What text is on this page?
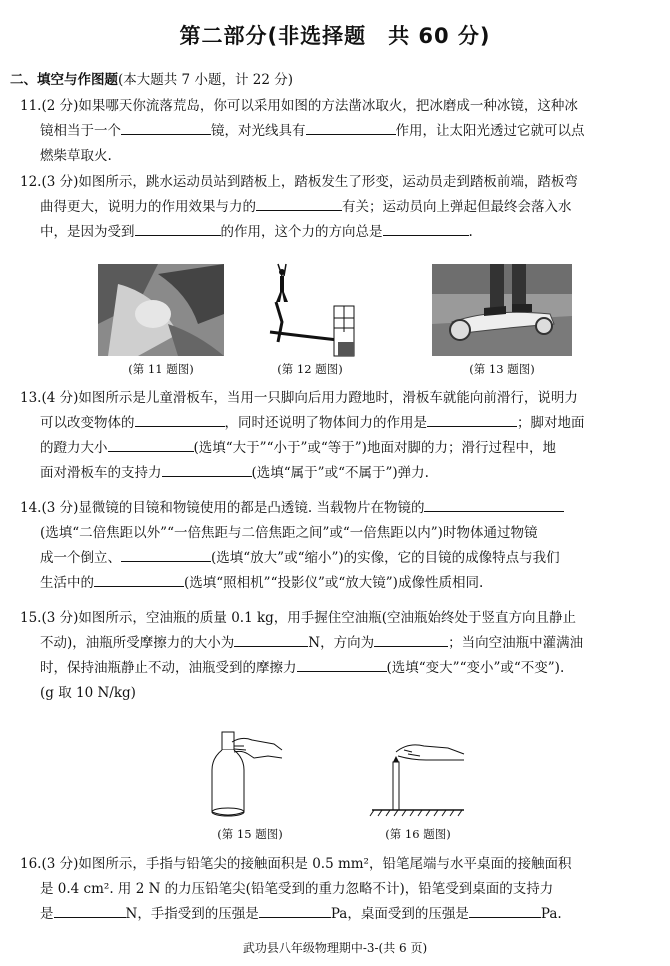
第二部分(非选择题　共 60 分)
二、填空与作图题(本大题共 7 小题，计 22 分)
11.(2 分)如果哪天你流落荒岛，你可以采用如图的方法凿冰取火，把冰磨成一种冰镜，这种冰
镜相当于一个	镜，对光线具有	作用，让太阳光透过它就可以点
燃柴草取火.
12.(3 分)如图所示，跳水运动员站到踏板上，踏板发生了形变，运动员走到踏板前端，踏板弯
曲得更大，说明力的作用效果与力的	有关；运动员向上弹起但最终会落入水
中，是因为受到	的作用，这个力的方向总是	.
(第 11 题图)	(第 12 题图)	(第 13 题图)
13.(4 分)如图所示是儿童滑板车，当用一只脚向后用力蹬地时，滑板车就能向前滑行，说明力
可以改变物体的	，同时还说明了物体间力的作用是	；脚对地面
的蹬力大小	(选填“大于”“小于”或“等于”)地面对脚的力；滑行过程中，地
面对滑板车的支持力	(选填“属于”或“不属于”)弹力.
14.(3 分)显微镜的目镜和物镜使用的都是凸透镜. 当载物片在物镜的
(选填“二倍焦距以外”“一倍焦距与二倍焦距之间”或“一倍焦距以内”)时物体通过物镜
成一个倒立、	(选填“放大”或“缩小”)的实像，它的目镜的成像特点与我们
生活中的	(选填“照相机”“投影仪”或“放大镜”)成像性质相同.
15.(3 分)如图所示，空油瓶的质量 0.1 kg，用手握住空油瓶(空油瓶始终处于竖直方向且静止
不动)，油瓶所受摩擦力的大小为	N，方向为	；当向空油瓶中灌满油
时，保持油瓶静止不动，油瓶受到的摩擦力	(选填“变大”“变小”或“不变”).
(g 取 10 N/kg)
(第 15 题图)	(第 16 题图)
16.(3 分)如图所示，手指与铅笔尖的接触面积是 0.5 mm²，铅笔尾端与水平桌面的接触面积
是 0.4 cm². 用 2 N 的力压铅笔尖(铅笔受到的重力忽略不计)，铅笔受到桌面的支持力
是	N，手指受到的压强是	Pa，桌面受到的压强是	Pa.
武功县八年级物理期中-3-(共 6 页)
